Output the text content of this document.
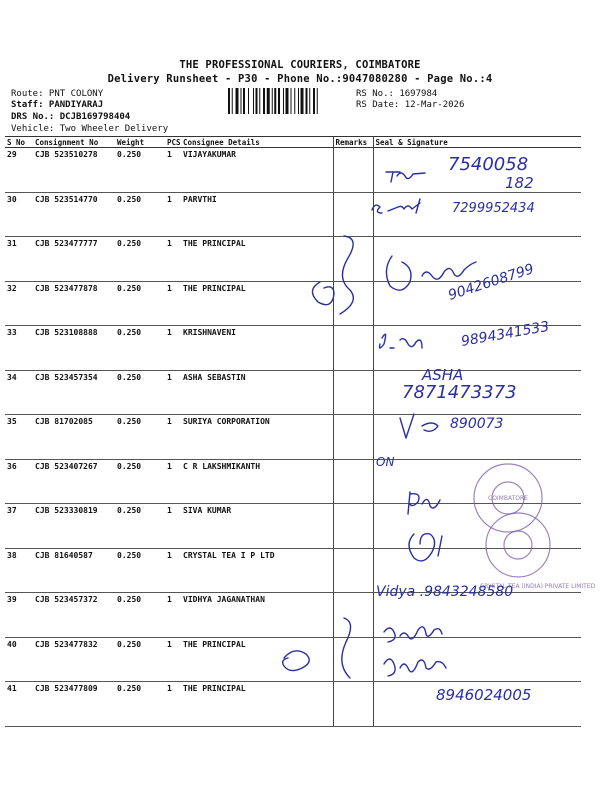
THE PROFESSIONAL COURIERS, COIMBATORE
Delivery Runsheet - P30 - Phone No.:9047080280 - Page No.:4
Route: PNT COLONY
Staff: PANDIYARAJ
DRS No.: DCJB169798404
Vehicle: Two Wheeler Delivery
RS No.: 1697984
RS Date: 12-Mar-2026
S No	Consignment No	Weight	PCS	Consignee Details	Remarks	Seal & Signature
29	CJB 523510278	0.250	1	VIJAYAKUMAR		
30	CJB 523514770	0.250	1	PARVTHI		
31	CJB 523477777	0.250	1	THE PRINCIPAL		
32	CJB 523477878	0.250	1	THE PRINCIPAL		
33	CJB 523108888	0.250	1	KRISHNAVENI		
34	CJB 523457354	0.250	1	ASHA SEBASTIN		
35	CJB 81702085	0.250	1	SURIYA CORPORATION		
36	CJB 523407267	0.250	1	C R LAKSHMIKANTH		
37	CJB 523330819	0.250	1	SIVA KUMAR		
38	CJB 81640587	0.250	1	CRYSTAL TEA I P LTD		
39	CJB 523457372	0.250	1	VIDHYA JAGANATHAN		
40	CJB 523477832	0.250	1	THE PRINCIPAL		
41	CJB 523477809	0.250	1	THE PRINCIPAL		
7540058
182
7299952434
9042608799
9894341533
ASHA
7871473373
890073
ON
COIMBATORE
CRYSTAL TEA (INDIA) PRIVATE LIMITED
Vidya .9843248580
8946024005
